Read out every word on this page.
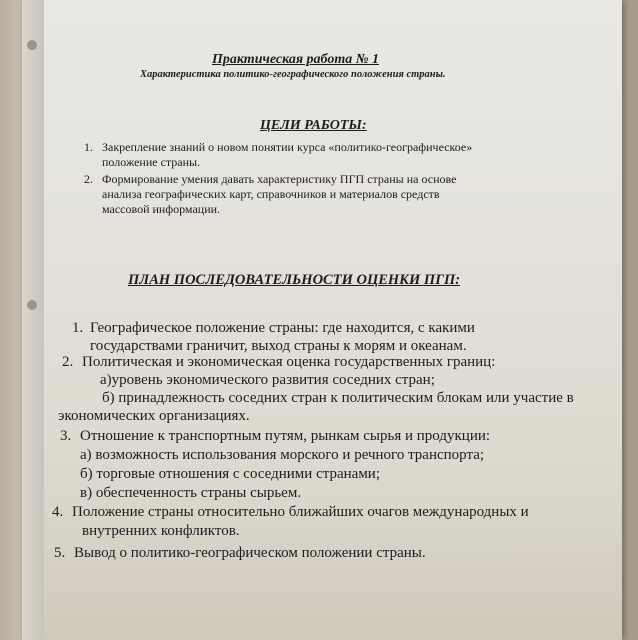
Практическая работа № 1
Характеристика политико-географического положения страны.
ЦЕЛИ РАБОТЫ:
1. Закрепление знаний о новом понятии курса «политико-географическое»
положение страны.
2. Формирование умения давать характеристику ПГП страны на основе
анализа географических карт, справочников и материалов средств
массовой информации.
ПЛАН ПОСЛЕДОВАТЕЛЬНОСТИ ОЦЕНКИ ПГП:
1. Географическое положение страны: где находится, с какими
государствами граничит, выход страны к морям и океанам.
2. Политическая и экономическая оценка государственных границ:
а)уровень экономического развития соседних стран;
б) принадлежность соседних стран к политическим блокам или участие в
экономических организациях.
3. Отношение к транспортным путям, рынкам сырья и продукции:
а) возможность использования морского и речного транспорта;
б) торговые отношения с соседними странами;
в) обеспеченность страны сырьем.
4. Положение страны относительно ближайших очагов международных и
внутренних конфликтов.
5. Вывод о политико-географическом положении страны.
